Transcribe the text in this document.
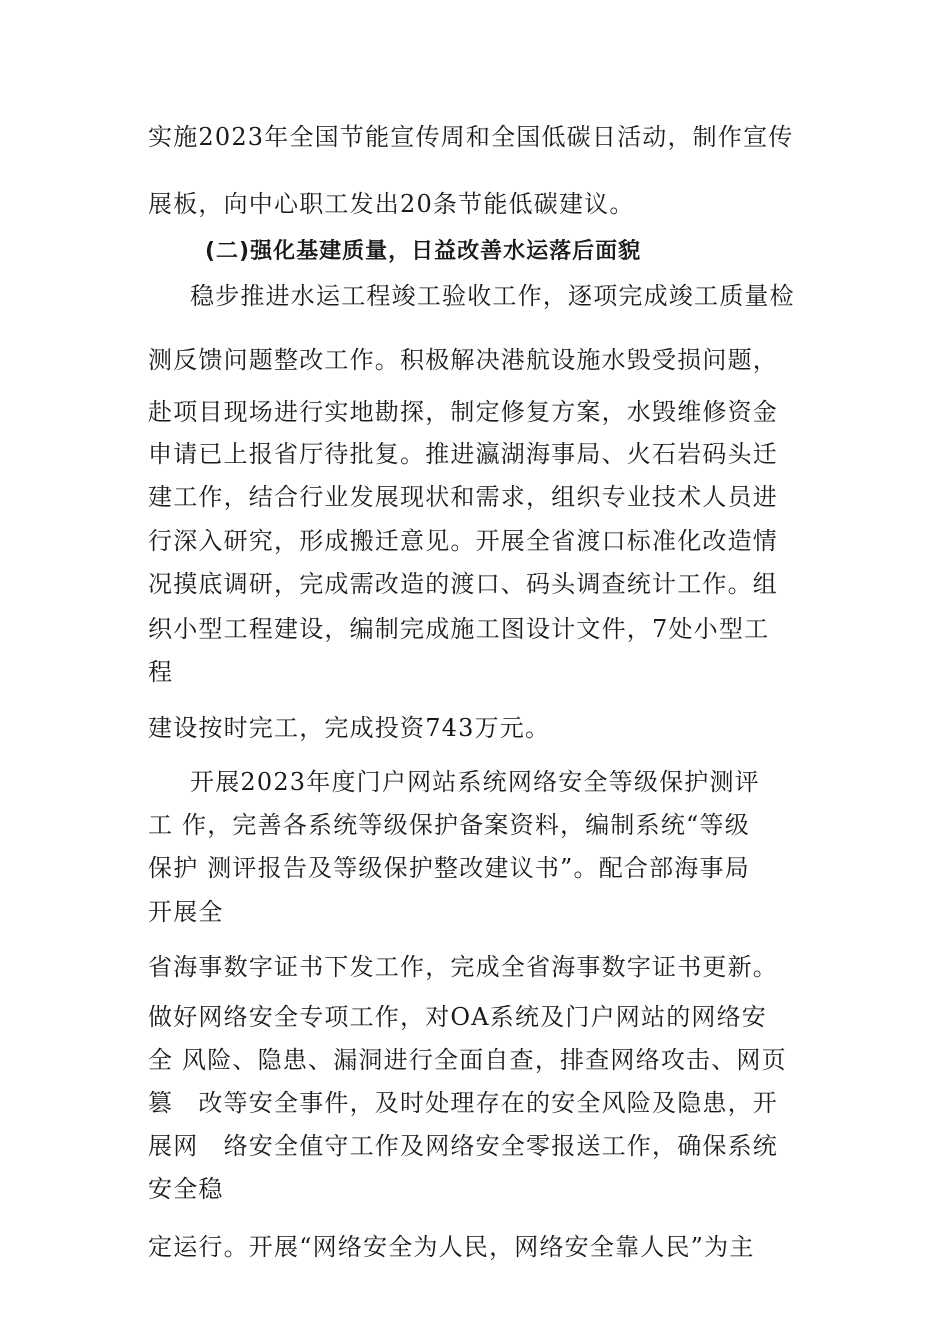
实施2023年全国节能宣传周和全国低碳日活动，制作宣传
展板，向中心职工发出20条节能低碳建议。
(二)强化基建质量，日益改善水运落后面貌
稳步推进水运工程竣工验收工作，逐项完成竣工质量检
测反馈问题整改工作。积极解决港航设施水毁受损问题，
赴项目现场进行实地勘探，制定修复方案，水毁维修资金
申请已上报省厅待批复。推进瀛湖海事局、火石岩码头迁
建工作，结合行业发展现状和需求，组织专业技术人员进
行深入研究，形成搬迁意见。开展全省渡口标准化改造情
况摸底调研，完成需改造的渡口、码头调查统计工作。组
织小型工程建设，编制完成施工图设计文件，7处小型工
程
建设按时完工，完成投资743万元。
开展2023年度门户网站系统网络安全等级保护测评
工 作，完善各系统等级保护备案资料，编制系统“等级
保护 测评报告及等级保护整改建议书”。配合部海事局
开展全
省海事数字证书下发工作，完成全省海事数字证书更新。
做好网络安全专项工作，对OA系统及门户网站的网络安
全 风险、隐患、漏洞进行全面自查，排查网络攻击、网页
篡　改等安全事件，及时处理存在的安全风险及隐患，开
展网　络安全值守工作及网络安全零报送工作，确保系统
安全稳
定运行。开展“网络安全为人民，网络安全靠人民”为主
